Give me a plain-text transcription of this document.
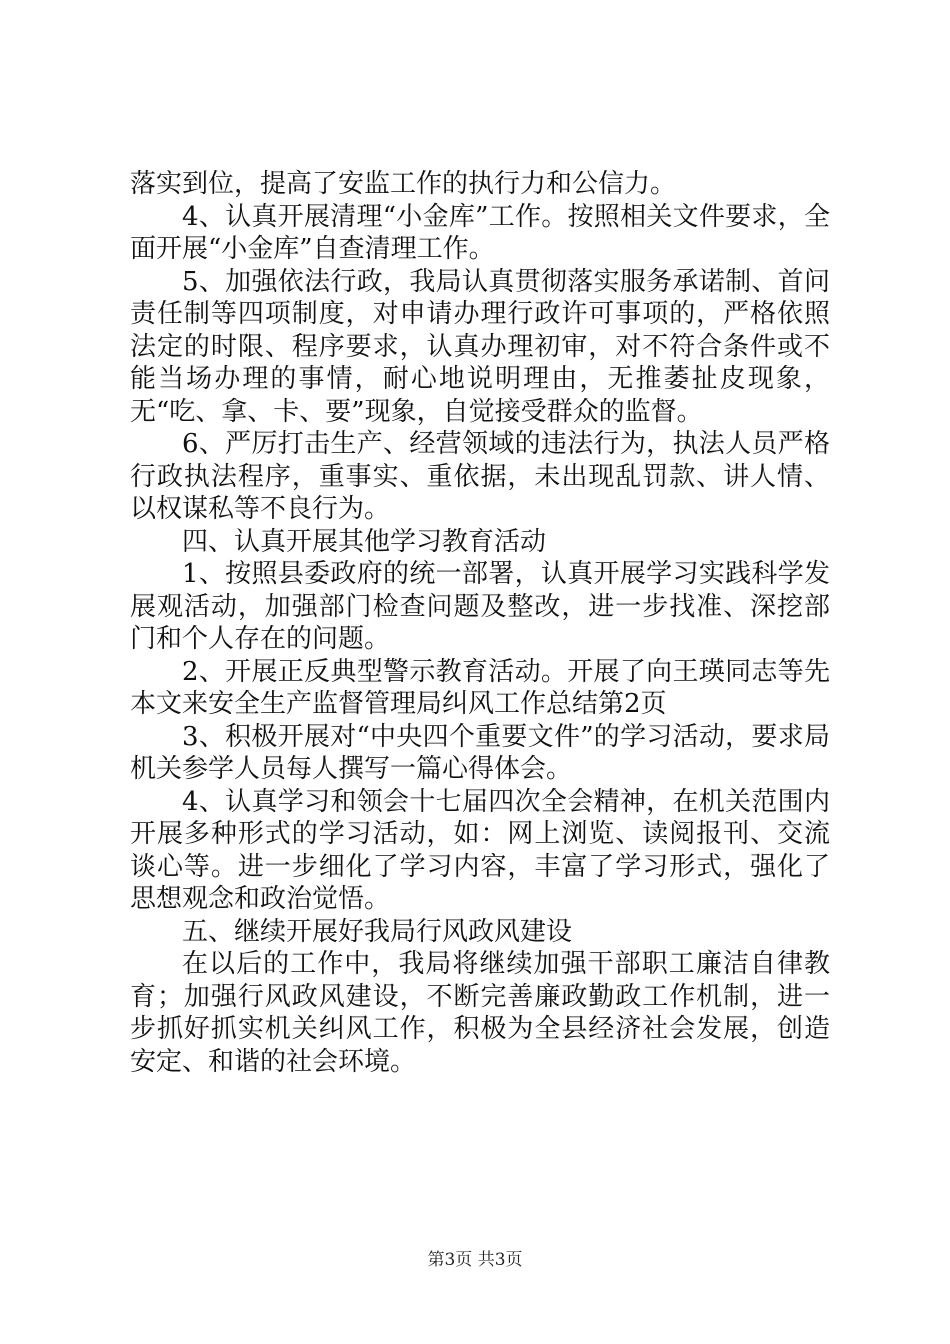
落实到位，提高了安监工作的执行力和公信力。

4、认真开展清理“小金库”工作。按照相关文件要求，全面开展“小金库”自查清理工作。

5、加强依法行政，我局认真贯彻落实服务承诺制、首问责任制等四项制度，对申请办理行政许可事项的，严格依照法定的时限、程序要求，认真办理初审，对不符合条件或不能当场办理的事情，耐心地说明理由，无推萎扯皮现象，无“吃、拿、卡、要”现象，自觉接受群众的监督。

6、严厉打击生产、经营领域的违法行为，执法人员严格行政执法程序，重事实、重依据，未出现乱罚款、讲人情、以权谋私等不良行为。

四、认真开展其他学习教育活动

1、按照县委政府的统一部署，认真开展学习实践科学发展观活动，加强部门检查问题及整改，进一步找准、深挖部门和个人存在的问题。

2、开展正反典型警示教育活动。开展了向王瑛同志等先本文来安全生产监督管理局纠风工作总结第2页

3、积极开展对“中央四个重要文件”的学习活动，要求局机关参学人员每人撰写一篇心得体会。

4、认真学习和领会十七届四次全会精神，在机关范围内开展多种形式的学习活动，如：网上浏览、读阅报刊、交流谈心等。进一步细化了学习内容，丰富了学习形式，强化了思想观念和政治觉悟。

五、继续开展好我局行风政风建设

在以后的工作中，我局将继续加强干部职工廉洁自律教育；加强行风政风建设，不断完善廉政勤政工作机制，进一步抓好抓实机关纠风工作，积极为全县经济社会发展，创造安定、和谐的社会环境。

第3页 共3页
